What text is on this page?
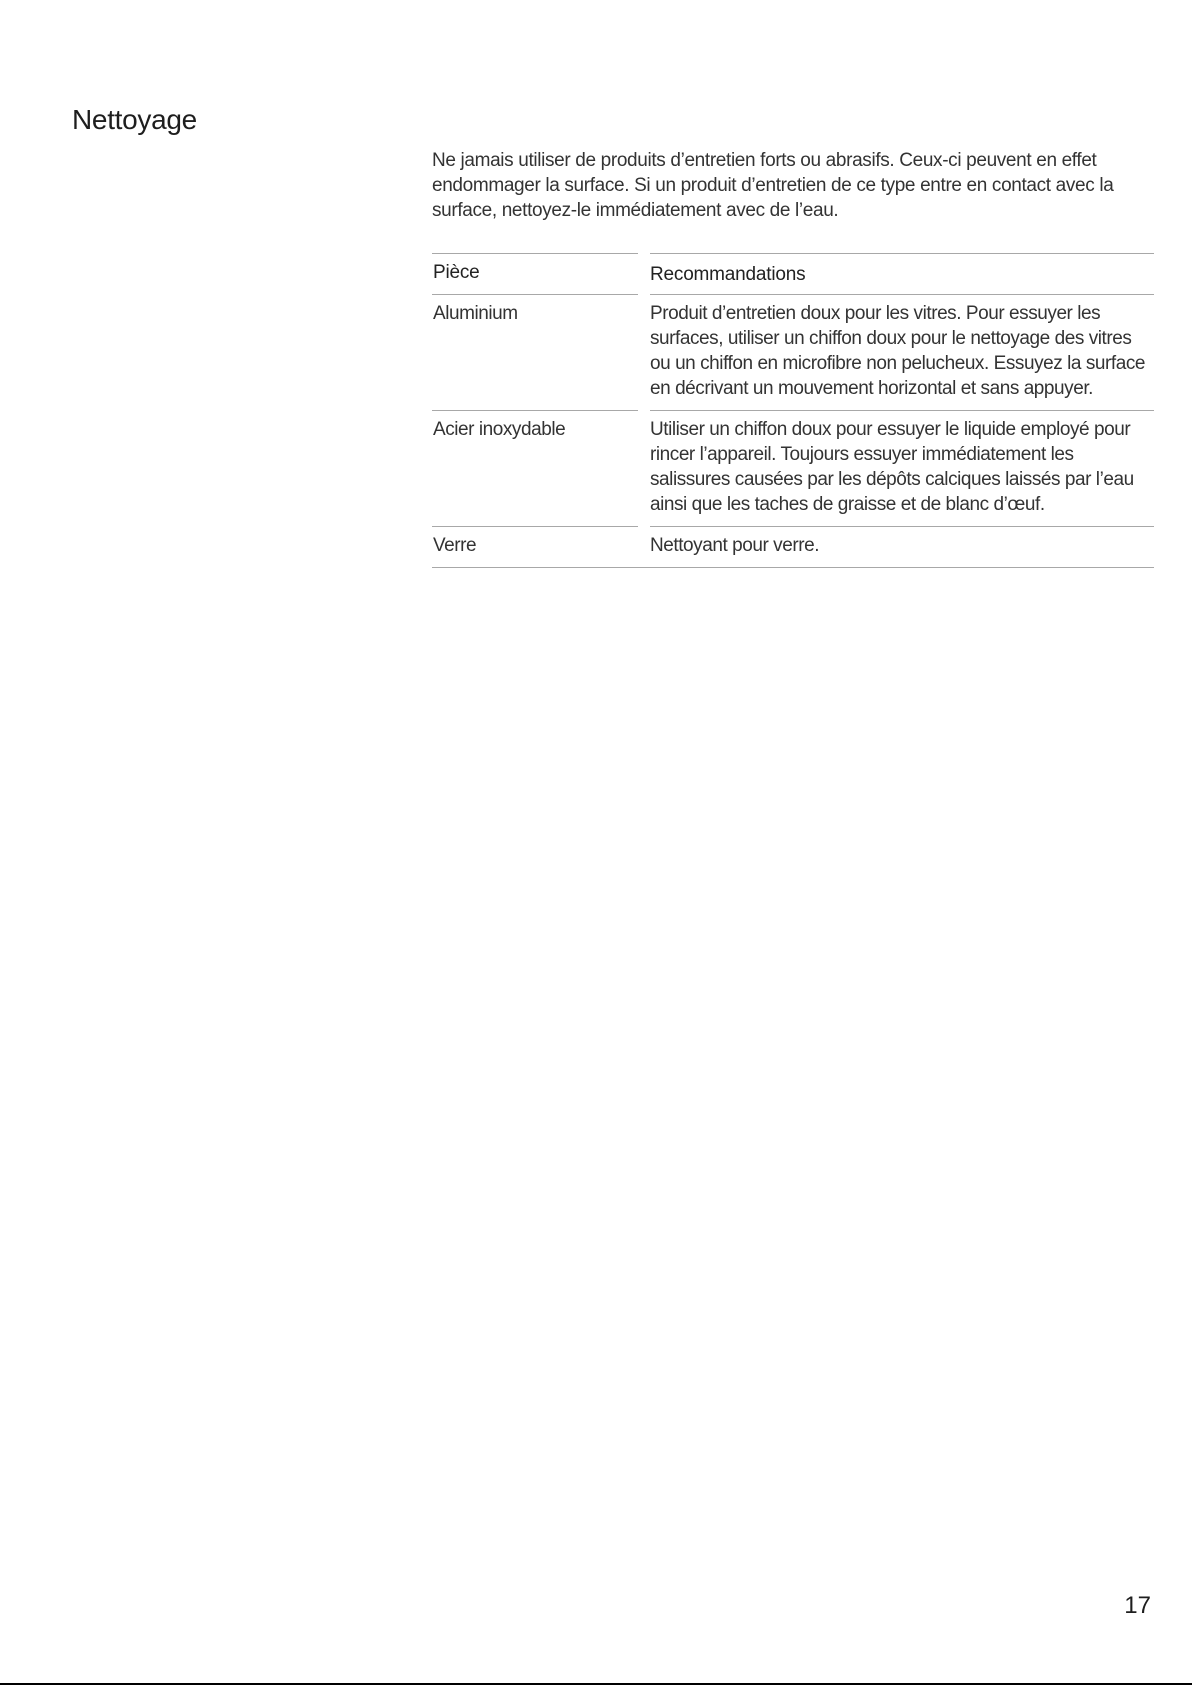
Nettoyage

Ne jamais utiliser de produits d’entretien forts ou abrasifs. Ceux-ci peuvent en effet endommager la surface. Si un produit d’entretien de ce type entre en contact avec la surface, nettoyez-le immédiatement avec de l’eau.

Pièce	Recommandations
Aluminium	Produit d’entretien doux pour les vitres. Pour essuyer les surfaces, utiliser un chiffon doux pour le nettoyage des vitres ou un chiffon en microfibre non pelucheux. Essuyez la surface en décrivant un mouvement horizontal et sans appuyer.
Acier inoxydable	Utiliser un chiffon doux pour essuyer le liquide employé pour rincer l’appareil. Toujours essuyer immédiatement les salissures causées par les dépôts calciques laissés par l’eau ainsi que les taches de graisse et de blanc d’œuf.
Verre	Nettoyant pour verre.
17
